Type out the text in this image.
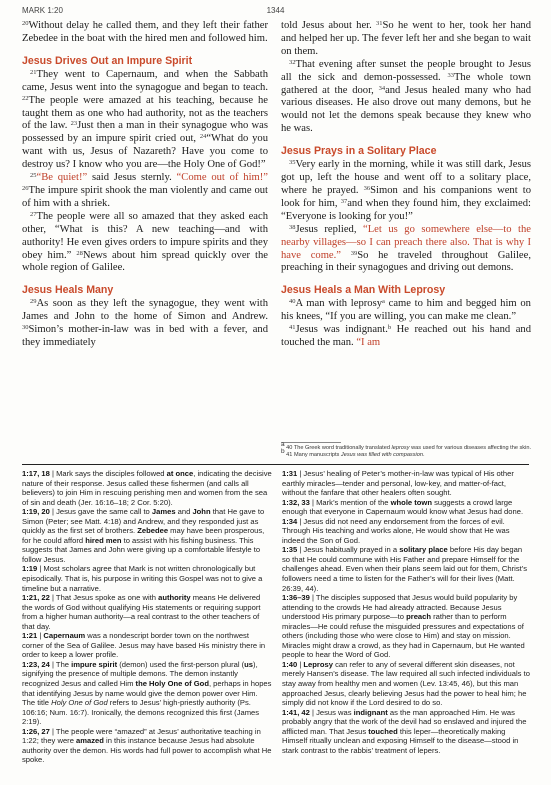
MARK 1:20	1344

$^{20}$Without delay he called them, and they left their father Zebedee in the boat with the hired men and followed him.

Jesus Drives Out an Impure Spirit

$^{21}$They went to Capernaum, and when the Sabbath came, Jesus went into the synagogue and began to teach. $^{22}$The people were amazed at his teaching, because he taught them as one who had authority, not as the teachers of the law. $^{23}$Just then a man in their synagogue who was possessed by an impure spirit cried out, $^{24}$“What do you want with us, Jesus of Nazareth? Have you come to destroy us? I know who you are—the Holy One of God!”

$^{25}$“Be quiet!” said Jesus sternly. “Come out of him!” $^{26}$The impure spirit shook the man violently and came out of him with a shriek.

$^{27}$The people were all so amazed that they asked each other, “What is this? A new teaching—and with authority! He even gives orders to impure spirits and they obey him.” $^{28}$News about him spread quickly over the whole region of Galilee.

Jesus Heals Many

$^{29}$As soon as they left the synagogue, they went with James and John to the home of Simon and Andrew. $^{30}$Simon’s mother-in-law was in bed with a fever, and they immediately

told Jesus about her. $^{31}$So he went to her, took her hand and helped her up. The fever left her and she began to wait on them.

$^{32}$That evening after sunset the people brought to Jesus all the sick and demon-possessed. $^{33}$The whole town gathered at the door, $^{34}$and Jesus healed many who had various diseases. He also drove out many demons, but he would not let the demons speak because they knew who he was.

Jesus Prays in a Solitary Place

$^{35}$Very early in the morning, while it was still dark, Jesus got up, left the house and went off to a solitary place, where he prayed. $^{36}$Simon and his companions went to look for him, $^{37}$and when they found him, they exclaimed: “Everyone is looking for you!”

$^{38}$Jesus replied, “Let us go somewhere else—to the nearby villages—so I can preach there also. That is why I have come.” $^{39}$So he traveled throughout Galilee, preaching in their synagogues and driving out demons.

Jesus Heals a Man With Leprosy

$^{40}$A man with leprosy$^a$ came to him and begged him on his knees, “If you are willing, you can make me clean.”

$^{41}$Jesus was indignant.$^b$ He reached out his hand and touched the man. “I am

$^a$ 40 The Greek word traditionally translated leprosy was used for various diseases affecting the skin. $^b$ 41 Many manuscripts Jesus was filled with compassion.

1:17, 18 | Mark says the disciples followed at once, indicating the decisive nature of their response. Jesus called these fishermen (and calls all believers) to join Him in rescuing perishing men and women from the sea of sin and death (Jer. 16:16–18; 2 Cor. 5:20).

1:19, 20 | Jesus gave the same call to James and John that He gave to Simon (Peter; see Matt. 4:18) and Andrew, and they responded just as quickly as the first set of brothers. Zebedee may have been prosperous, for he could afford hired men to assist with his fishing business. This suggests that James and John were giving up a comfortable lifestyle to follow Jesus.

1:19 | Most scholars agree that Mark is not written chronologically but episodically. That is, his purpose in writing this Gospel was not to give a timeline but a narrative.

1:21, 22 | That Jesus spoke as one with authority means He delivered the words of God without qualifying His statements or requiring support from a higher human authority—a real contrast to the other teachers of that day.

1:21 | Capernaum was a nondescript border town on the northwest corner of the Sea of Galilee. Jesus may have based His ministry there in order to keep a lower profile.

1:23, 24 | The impure spirit (demon) used the first-person plural (us), signifying the presence of multiple demons. The demon instantly recognized Jesus and called Him the Holy One of God, perhaps in hopes that identifying Jesus by name would give the demon power over Him. The title Holy One of God refers to Jesus’ high-priestly authority (Ps. 106:16; Num. 16:7). Ironically, the demons recognized this first (James 2:19).

1:26, 27 | The people were “amazed” at Jesus’ authoritative teaching in 1:22; they were amazed in this instance because Jesus had absolute authority over the demon. His words had full power to accomplish what He spoke.

1:31 | Jesus’ healing of Peter’s mother-in-law was typical of His other earthly miracles—tender and personal, low-key, and matter-of-fact, without the fanfare that other healers often sought.

1:32, 33 | Mark’s mention of the whole town suggests a crowd large enough that everyone in Capernaum would know what Jesus had done.

1:34 | Jesus did not need any endorsement from the forces of evil. Through His teaching and works alone, He would show that He was indeed the Son of God.

1:35 | Jesus habitually prayed in a solitary place before His day began so that He could commune with His Father and prepare Himself for the challenges ahead. Even when their plans seem laid out for them, Christ’s followers need a time to listen for the Father’s will for their lives (Matt. 26:39, 44).

1:36–39 | The disciples supposed that Jesus would build popularity by attending to the crowds He had already attracted. Because Jesus understood His primary purpose—to preach rather than to perform miracles—He could refuse the misguided pressures and expectations of others (including those who were close to Him) and stay on mission. Miracles might draw a crowd, as they had in Capernaum, but He wanted people to hear the Word of God.

1:40 | Leprosy can refer to any of several different skin diseases, not merely Hansen’s disease. The law required all such infected individuals to stay away from healthy men and women (Lev. 13:45, 46), but this man approached Jesus, clearly believing Jesus had the power to heal him; he simply did not know if the Lord desired to do so.

1:41, 42 | Jesus was indignant as the man approached Him. He was probably angry that the work of the devil had so enslaved and injured the afflicted man. That Jesus touched this leper—theoretically making Himself ritually unclean and exposing Himself to the disease—stood in stark contrast to the rabbis’ treatment of lepers.
